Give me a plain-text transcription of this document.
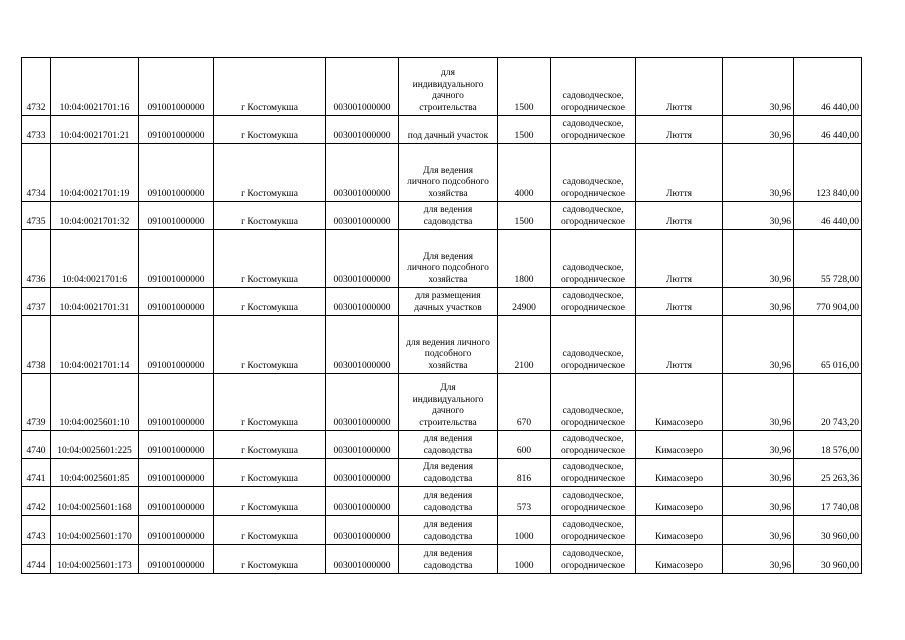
4732	10:04:0021701:16	091001000000	г Костомукша	003001000000	для
индивидуального
дачного
строительства	1500	садоводческое,
огородническое	Люття	30,96	46 440,00
4733	10:04:0021701:21	091001000000	г Костомукша	003001000000	под дачный участок	1500	садоводческое,
огородническое	Люття	30,96	46 440,00
4734	10:04:0021701:19	091001000000	г Костомукша	003001000000	Для ведения
личного подсобного
хозяйства	4000	садоводческое,
огородническое	Люття	30,96	123 840,00
4735	10:04:0021701:32	091001000000	г Костомукша	003001000000	для ведения
садоводства	1500	садоводческое,
огородническое	Люття	30,96	46 440,00
4736	10:04:0021701:6	091001000000	г Костомукша	003001000000	Для ведения
личного подсобного
хозяйства	1800	садоводческое,
огородническое	Люття	30,96	55 728,00
4737	10:04:0021701:31	091001000000	г Костомукша	003001000000	для размещения
дачных участков	24900	садоводческое,
огородническое	Люття	30,96	770 904,00
4738	10:04:0021701:14	091001000000	г Костомукша	003001000000	для ведения личного
подсобного
хозяйства	2100	садоводческое,
огородническое	Люття	30,96	65 016,00
4739	10:04:0025601:10	091001000000	г Костомукша	003001000000	Для
индивидуального
дачного
строительства	670	садоводческое,
огородническое	Кимасозеро	30,96	20 743,20
4740	10:04:0025601:225	091001000000	г Костомукша	003001000000	для ведения
садоводства	600	садоводческое,
огородническое	Кимасозеро	30,96	18 576,00
4741	10:04:0025601:85	091001000000	г Костомукша	003001000000	Для ведения
садоводства	816	садоводческое,
огородническое	Кимасозеро	30,96	25 263,36
4742	10:04:0025601:168	091001000000	г Костомукша	003001000000	для ведения
садоводства	573	садоводческое,
огородническое	Кимасозеро	30,96	17 740,08
4743	10:04:0025601:170	091001000000	г Костомукша	003001000000	для ведения
садоводства	1000	садоводческое,
огородническое	Кимасозеро	30,96	30 960,00
4744	10:04:0025601:173	091001000000	г Костомукша	003001000000	для ведения
садоводства	1000	садоводческое,
огородническое	Кимасозеро	30,96	30 960,00
